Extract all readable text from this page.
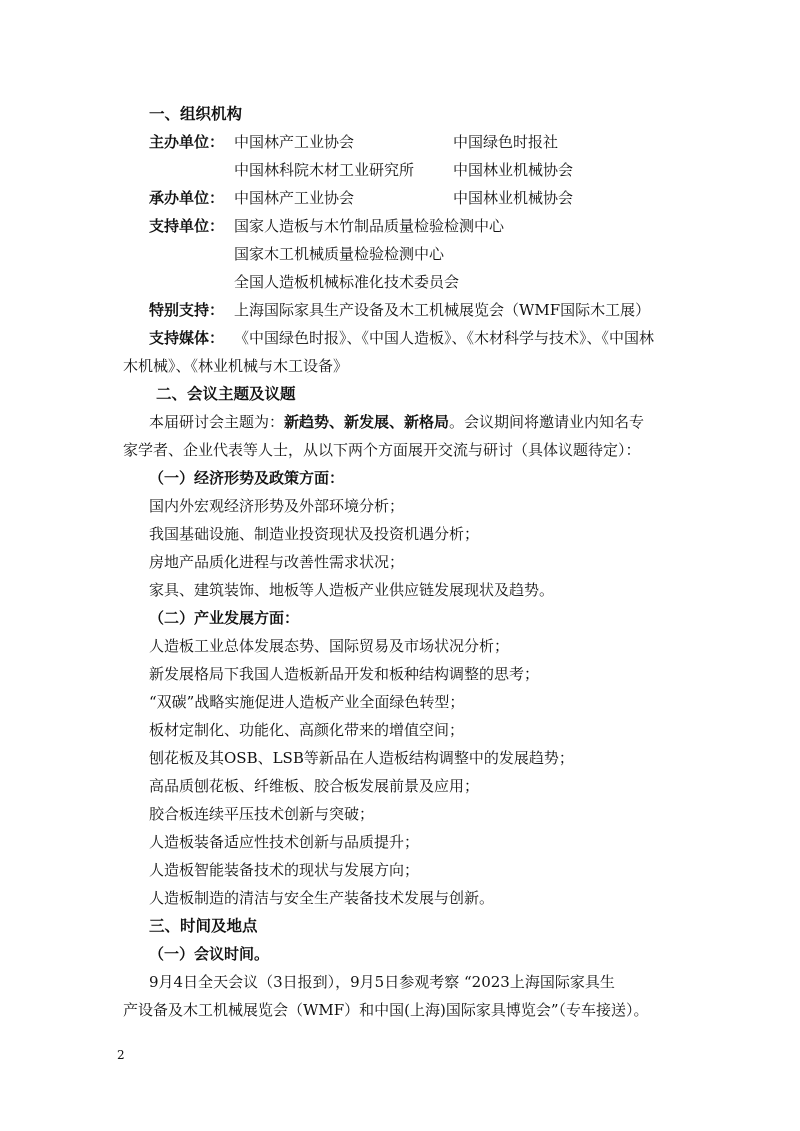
一、组织机构
主办单位： 中国林产工业协会	中国绿色时报社
中国林科院木材工业研究所	中国林业机械协会
承办单位： 中国林产工业协会	中国林业机械协会
支持单位： 国家人造板与木竹制品质量检验检测中心
国家木工机械质量检验检测中心
全国人造板机械标准化技术委员会
特别支持： 上海国际家具生产设备及木工机械展览会（WMF国际木工展）
支持媒体： 《中国绿色时报》、《中国人造板》、《木材科学与技术》、《中国林
木机械》、《林业机械与木工设备》
二、会议主题及议题
本届研讨会主题为：新趋势、新发展、新格局。会议期间将邀请业内知名专
家学者、企业代表等人士，从以下两个方面展开交流与研讨（具体议题待定）：
（一）经济形势及政策方面：
国内外宏观经济形势及外部环境分析；
我国基础设施、制造业投资现状及投资机遇分析；
房地产品质化进程与改善性需求状况；
家具、建筑装饰、地板等人造板产业供应链发展现状及趋势。
（二）产业发展方面：
人造板工业总体发展态势、国际贸易及市场状况分析；
新发展格局下我国人造板新品开发和板种结构调整的思考；
“双碳”战略实施促进人造板产业全面绿色转型；
板材定制化、功能化、高颜化带来的增值空间；
刨花板及其OSB、LSB等新品在人造板结构调整中的发展趋势；
高品质刨花板、纤维板、胶合板发展前景及应用；
胶合板连续平压技术创新与突破；
人造板装备适应性技术创新与品质提升；
人造板智能装备技术的现状与发展方向；
人造板制造的清洁与安全生产装备技术发展与创新。
三、时间及地点
（一）会议时间。
9月4日全天会议（3日报到），9月5日参观考察 “2023上海国际家具生
产设备及木工机械展览会（WMF）和中国(上海)国际家具博览会”（专车接送）。
2
